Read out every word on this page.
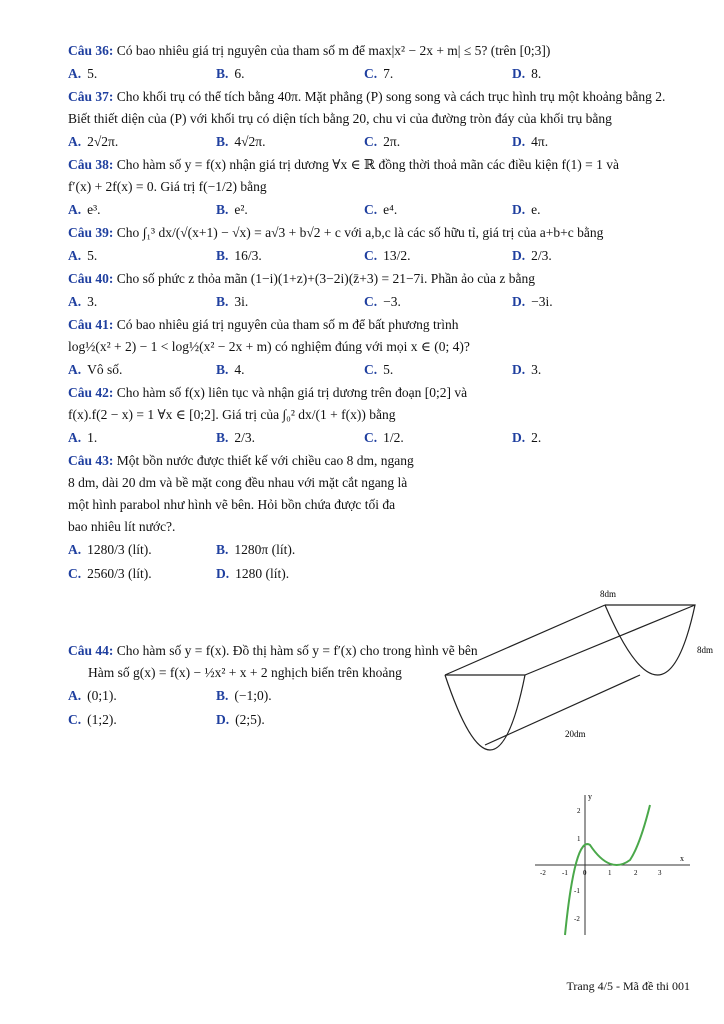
Câu 36: Có bao nhiêu giá trị nguyên của tham số m để max|x² − 2x + m| ≤ 5? (trên [0;3])

A. 5.	B. 6.	C. 7.	D. 8.

Câu 37: Cho khối trụ có thể tích bằng 40π. Mặt phẳng (P) song song và cách trục hình trụ một khoảng bằng 2. Biết thiết diện của (P) với khối trụ có diện tích bằng 20, chu vi của đường tròn đáy của khối trụ bằng

A. 2√2π.	B. 4√2π.	C. 2π.	D. 4π.

Câu 38: Cho hàm số y = f(x) nhận giá trị dương ∀x ∈ ℝ đồng thời thoả mãn các điều kiện f(1) = 1 và
f′(x) + 2f(x) = 0. Giá trị f(−1/2) bằng

A. e³.	B. e².	C. e⁴.	D. e.

Câu 39: Cho ∫₁³ dx/(√(x+1) − √x) = a√3 + b√2 + c với a,b,c là các số hữu tỉ, giá trị của a+b+c bằng

A. 5.	B. 16/3.	C. 13/2.	D. 2/3.

Câu 40: Cho số phức z thỏa mãn (1−i)(1+z)+(3−2i)(z̄+3) = 21−7i. Phần ảo của z bằng

A. 3.	B. 3i.	C. −3.	D. −3i.

Câu 41: Có bao nhiêu giá trị nguyên của tham số m để bất phương trình
log½(x² + 2) − 1 < log½(x² − 2x + m) có nghiệm đúng với mọi x ∈ (0; 4)?

A. Vô số.	B. 4.	C. 5.	D. 3.

Câu 42: Cho hàm số f(x) liên tục và nhận giá trị dương trên đoạn [0;2] và
f(x).f(2 − x) = 1 ∀x ∈ [0;2]. Giá trị của ∫₀² dx/(1 + f(x)) bằng

A. 1.	B. 2/3.	C. 1/2.	D. 2.

Câu 43: Một bồn nước được thiết kế với chiều cao 8 dm, ngang 8 dm, dài 20 dm và bề mặt cong đều nhau với mặt cắt ngang là một hình parabol như hình vẽ bên. Hỏi bồn chứa được tối đa bao nhiêu lít nước?.

A. 1280/3 (lít).	B. 1280π (lít).
C. 2560/3 (lít).	D. 1280 (lít).

Câu 44: Cho hàm số y = f(x). Đồ thị hàm số y = f′(x) cho trong hình vẽ bên

Hàm số g(x) = f(x) − ½x² + x + 2 nghịch biến trên khoảng

A. (0;1).	B. (−1;0).
C. (1;2).	D. (2;5).
8dm
8dm
20dm
y
x
-2 -1 0	1	2	3
2
1
-1
-2
Trang 4/5 - Mã đề thi 001
